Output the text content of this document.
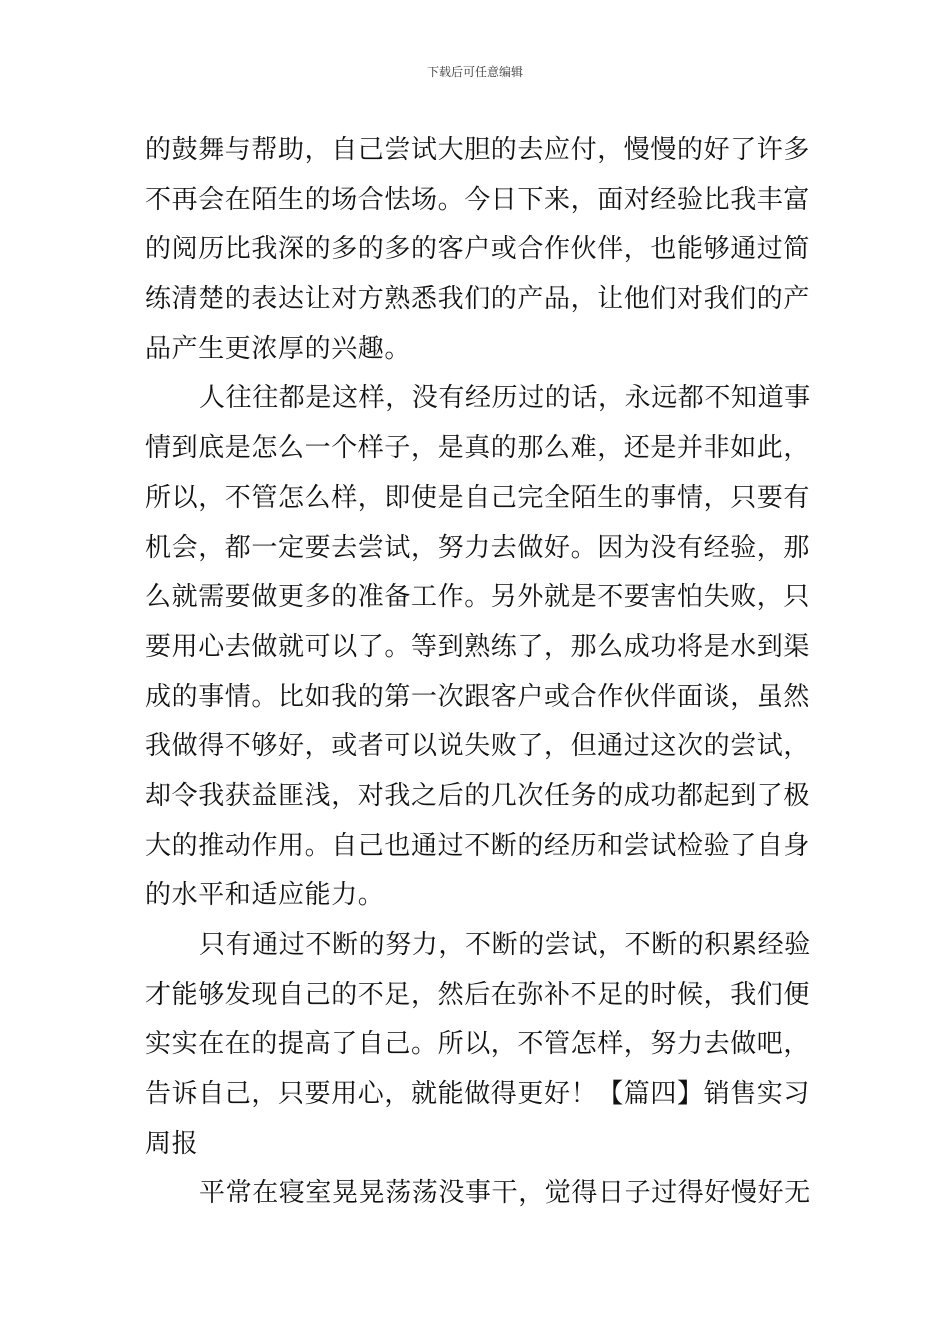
下载后可任意编辑
的鼓舞与帮助，自己尝试大胆的去应付，慢慢的好了许多
不再会在陌生的场合怯场。今日下来，面对经验比我丰富
的阅历比我深的多的多的客户或合作伙伴，也能够通过简
练清楚的表达让对方熟悉我们的产品，让他们对我们的产
品产生更浓厚的兴趣。
人往往都是这样，没有经历过的话，永远都不知道事
情到底是怎么一个样子，是真的那么难，还是并非如此，
所以，不管怎么样，即使是自己完全陌生的事情，只要有
机会，都一定要去尝试，努力去做好。因为没有经验，那
么就需要做更多的准备工作。另外就是不要害怕失败，只
要用心去做就可以了。等到熟练了，那么成功将是水到渠
成的事情。比如我的第一次跟客户或合作伙伴面谈，虽然
我做得不够好，或者可以说失败了，但通过这次的尝试，
却令我获益匪浅，对我之后的几次任务的成功都起到了极
大的推动作用。自己也通过不断的经历和尝试检验了自身
的水平和适应能力。
只有通过不断的努力，不断的尝试，不断的积累经验
才能够发现自己的不足，然后在弥补不足的时候，我们便
实实在在的提高了自己。所以，不管怎样，努力去做吧，
告诉自己，只要用心，就能做得更好！【篇四】销售实习
周报
平常在寝室晃晃荡荡没事干，觉得日子过得好慢好无
